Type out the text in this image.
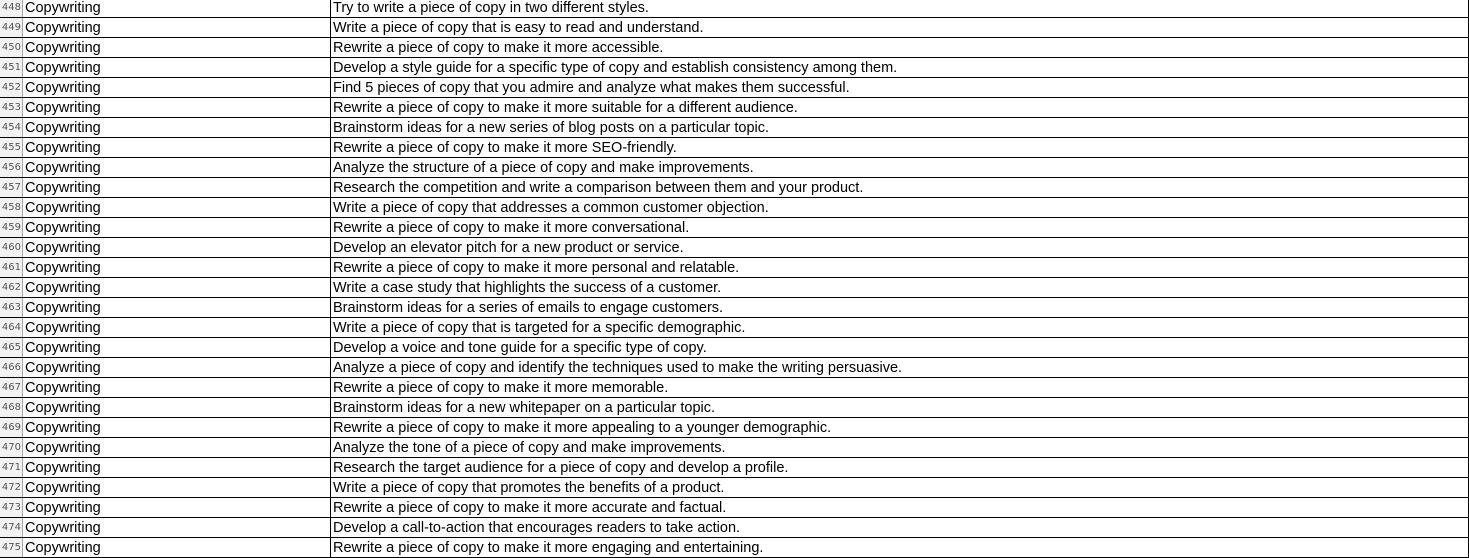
448 Copywriting	Try to write a piece of copy in two different styles.
449 Copywriting	Write a piece of copy that is easy to read and understand.
450 Copywriting	Rewrite a piece of copy to make it more accessible.
451 Copywriting	Develop a style guide for a specific type of copy and establish consistency among them.
452 Copywriting	Find 5 pieces of copy that you admire and analyze what makes them successful.
453 Copywriting	Rewrite a piece of copy to make it more suitable for a different audience.
454 Copywriting	Brainstorm ideas for a new series of blog posts on a particular topic.
455 Copywriting	Rewrite a piece of copy to make it more SEO-friendly.
456 Copywriting	Analyze the structure of a piece of copy and make improvements.
457 Copywriting	Research the competition and write a comparison between them and your product.
458 Copywriting	Write a piece of copy that addresses a common customer objection.
459 Copywriting	Rewrite a piece of copy to make it more conversational.
460 Copywriting	Develop an elevator pitch for a new product or service.
461 Copywriting	Rewrite a piece of copy to make it more personal and relatable.
462 Copywriting	Write a case study that highlights the success of a customer.
463 Copywriting	Brainstorm ideas for a series of emails to engage customers.
464 Copywriting	Write a piece of copy that is targeted for a specific demographic.
465 Copywriting	Develop a voice and tone guide for a specific type of copy.
466 Copywriting	Analyze a piece of copy and identify the techniques used to make the writing persuasive.
467 Copywriting	Rewrite a piece of copy to make it more memorable.
468 Copywriting	Brainstorm ideas for a new whitepaper on a particular topic.
469 Copywriting	Rewrite a piece of copy to make it more appealing to a younger demographic.
470 Copywriting	Analyze the tone of a piece of copy and make improvements.
471 Copywriting	Research the target audience for a piece of copy and develop a profile.
472 Copywriting	Write a piece of copy that promotes the benefits of a product.
473 Copywriting	Rewrite a piece of copy to make it more accurate and factual.
474 Copywriting	Develop a call-to-action that encourages readers to take action.
475 Copywriting	Rewrite a piece of copy to make it more engaging and entertaining.
